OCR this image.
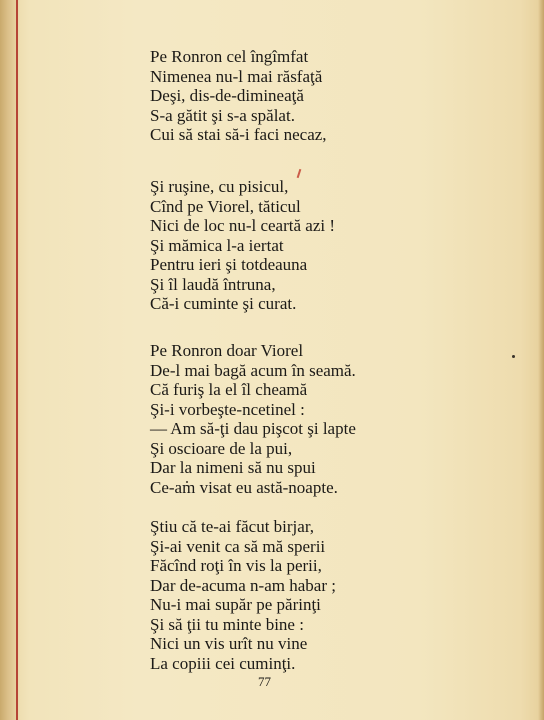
Pe Ronron cel îngîmfat
Nimenea nu-l mai răsfaţă
Deşi, dis-de-dimineaţă
S-a gătit şi s-a spălat.
Cui să stai să-i faci necaz,
Şi ruşine, cu pisicul,
Cînd pe Viorel, tăticul
Nici de loc nu-l ceartă azi !
Şi mămica l-a iertat
Pentru ieri şi totdeauna
Şi îl laudă întruna,
Că-i cuminte şi curat.
Pe Ronron doar Viorel
De-l mai bagă acum în seamă.
Că furiş la el îl cheamă
Şi-i vorbeşte-ncetinel :
— Am să-ţi dau pişcot şi lapte
Şi oscioare de la pui,
Dar la nimeni să nu spui
Ce-am visat eu astă-noapte.
Ştiu că te-ai făcut birjar,
Şi-ai venit ca să mă sperii
Făcînd roţi în vis la perii,
Dar de-acuma n-am habar ;
Nu-i mai supăr pe părinţi
Şi să ţii tu minte bine :
Nici un vis urît nu vine
La copiii cei cuminţi.
77
